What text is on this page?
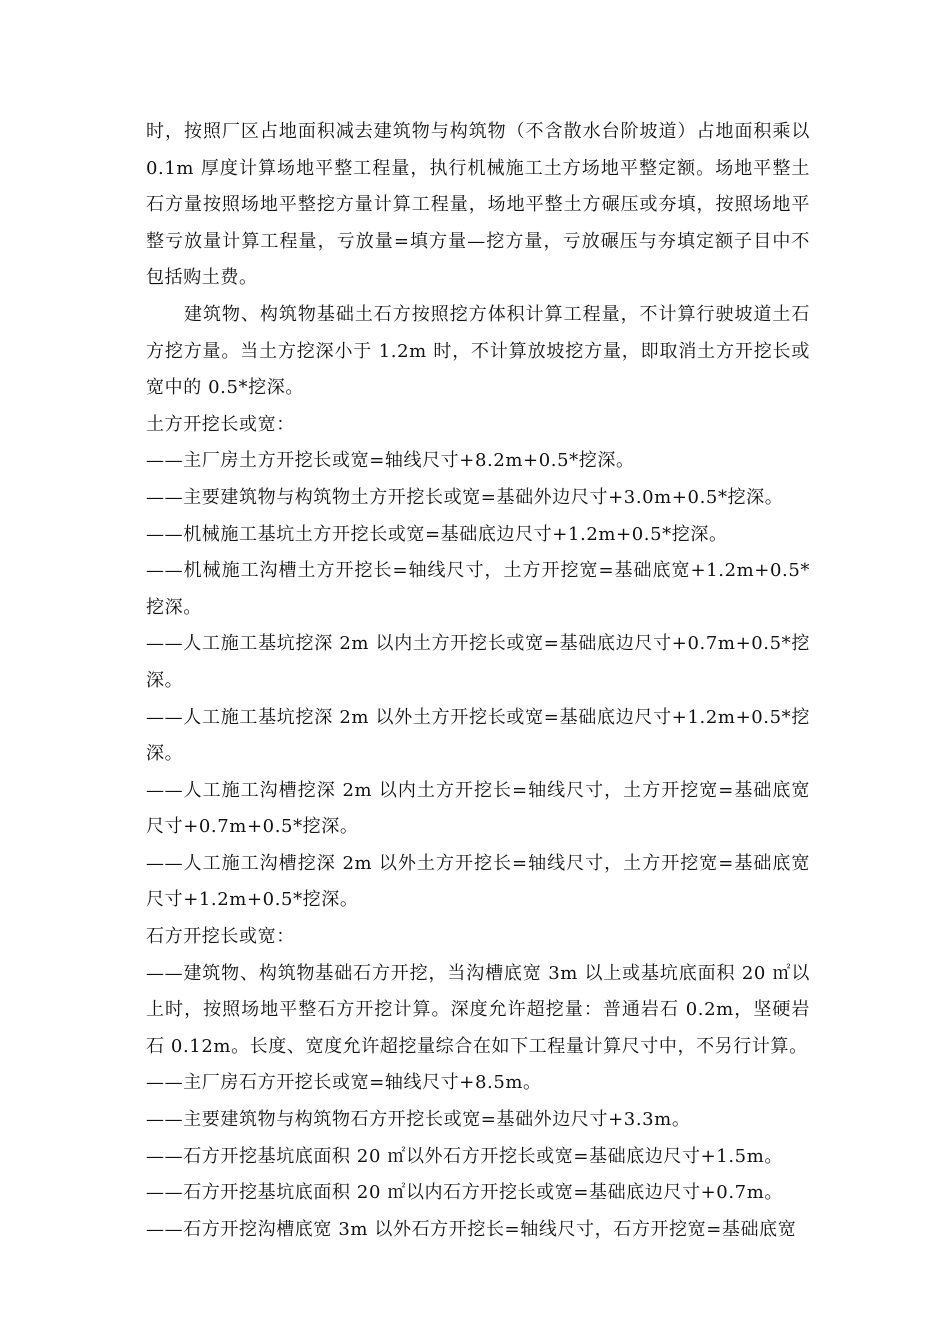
时，按照厂区占地面积减去建筑物与构筑物（不含散水台阶坡道）占地面积乘以0.1m 厚度计算场地平整工程量，执行机械施工土方场地平整定额。场地平整土石方量按照场地平整挖方量计算工程量，场地平整土方碾压或夯填，按照场地平整亏放量计算工程量，亏放量=填方量—挖方量，亏放碾压与夯填定额子目中不包括购土费。

建筑物、构筑物基础土石方按照挖方体积计算工程量，不计算行驶坡道土石方挖方量。当土方挖深小于 1.2m 时，不计算放坡挖方量，即取消土方开挖长或宽中的 0.5*挖深。

土方开挖长或宽：

——主厂房土方开挖长或宽=轴线尺寸+8.2m+0.5*挖深。

——主要建筑物与构筑物土方开挖长或宽=基础外边尺寸+3.0m+0.5*挖深。

——机械施工基坑土方开挖长或宽=基础底边尺寸+1.2m+0.5*挖深。

——机械施工沟槽土方开挖长=轴线尺寸，土方开挖宽=基础底宽+1.2m+0.5*挖深。

——人工施工基坑挖深 2m 以内土方开挖长或宽=基础底边尺寸+0.7m+0.5*挖深。

——人工施工基坑挖深 2m 以外土方开挖长或宽=基础底边尺寸+1.2m+0.5*挖深。

——人工施工沟槽挖深 2m 以内土方开挖长=轴线尺寸，土方开挖宽=基础底宽尺寸+0.7m+0.5*挖深。

——人工施工沟槽挖深 2m 以外土方开挖长=轴线尺寸，土方开挖宽=基础底宽尺寸+1.2m+0.5*挖深。

石方开挖长或宽：

——建筑物、构筑物基础石方开挖，当沟槽底宽 3m 以上或基坑底面积 20 ㎡以上时，按照场地平整石方开挖计算。深度允许超挖量：普通岩石 0.2m，坚硬岩石 0.12m。长度、宽度允许超挖量综合在如下工程量计算尺寸中，不另行计算。

——主厂房石方开挖长或宽=轴线尺寸+8.5m。

——主要建筑物与构筑物石方开挖长或宽=基础外边尺寸+3.3m。

——石方开挖基坑底面积 20 ㎡以外石方开挖长或宽=基础底边尺寸+1.5m。

——石方开挖基坑底面积 20 ㎡以内石方开挖长或宽=基础底边尺寸+0.7m。

——石方开挖沟槽底宽 3m 以外石方开挖长=轴线尺寸，石方开挖宽=基础底宽
